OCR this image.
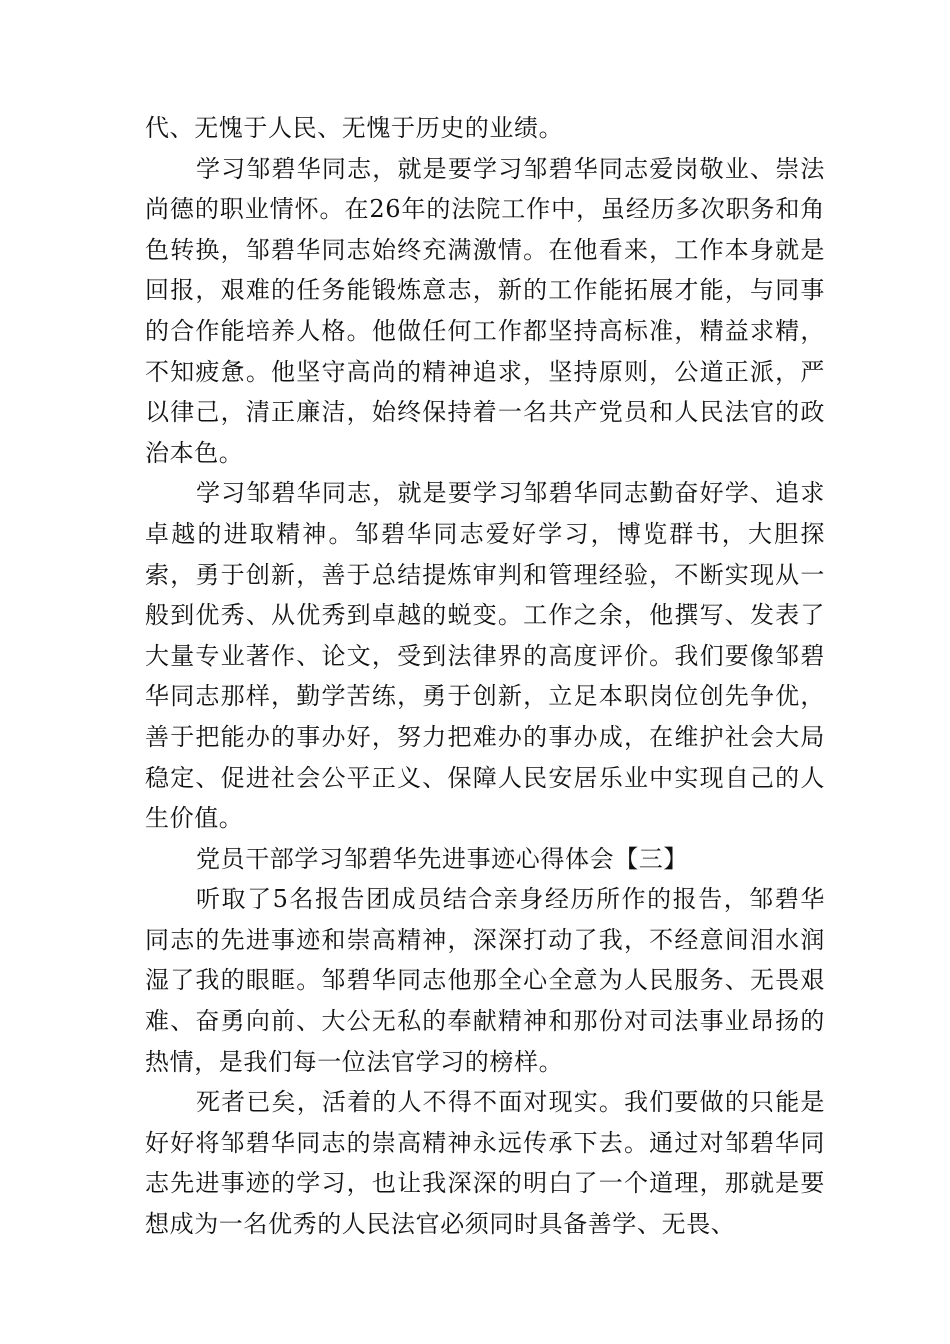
代、无愧于人民、无愧于历史的业绩。

学习邹碧华同志，就是要学习邹碧华同志爱岗敬业、崇法尚德的职业情怀。在26年的法院工作中，虽经历多次职务和角色转换，邹碧华同志始终充满激情。在他看来，工作本身就是回报，艰难的任务能锻炼意志，新的工作能拓展才能，与同事的合作能培养人格。他做任何工作都坚持高标准，精益求精，不知疲惫。他坚守高尚的精神追求，坚持原则，公道正派，严以律己，清正廉洁，始终保持着一名共产党员和人民法官的政治本色。

学习邹碧华同志，就是要学习邹碧华同志勤奋好学、追求卓越的进取精神。邹碧华同志爱好学习，博览群书，大胆探索，勇于创新，善于总结提炼审判和管理经验，不断实现从一般到优秀、从优秀到卓越的蜕变。工作之余，他撰写、发表了大量专业著作、论文，受到法律界的高度评价。我们要像邹碧华同志那样，勤学苦练，勇于创新，立足本职岗位创先争优，善于把能办的事办好，努力把难办的事办成，在维护社会大局稳定、促进社会公平正义、保障人民安居乐业中实现自己的人生价值。

党员干部学习邹碧华先进事迹心得体会【三】

听取了5名报告团成员结合亲身经历所作的报告，邹碧华同志的先进事迹和崇高精神，深深打动了我，不经意间泪水润湿了我的眼眶。邹碧华同志他那全心全意为人民服务、无畏艰难、奋勇向前、大公无私的奉献精神和那份对司法事业昂扬的热情，是我们每一位法官学习的榜样。

死者已矣，活着的人不得不面对现实。我们要做的只能是好好将邹碧华同志的崇高精神永远传承下去。通过对邹碧华同志先进事迹的学习，也让我深深的明白了一个道理，那就是要想成为一名优秀的人民法官必须同时具备善学、无畏、
